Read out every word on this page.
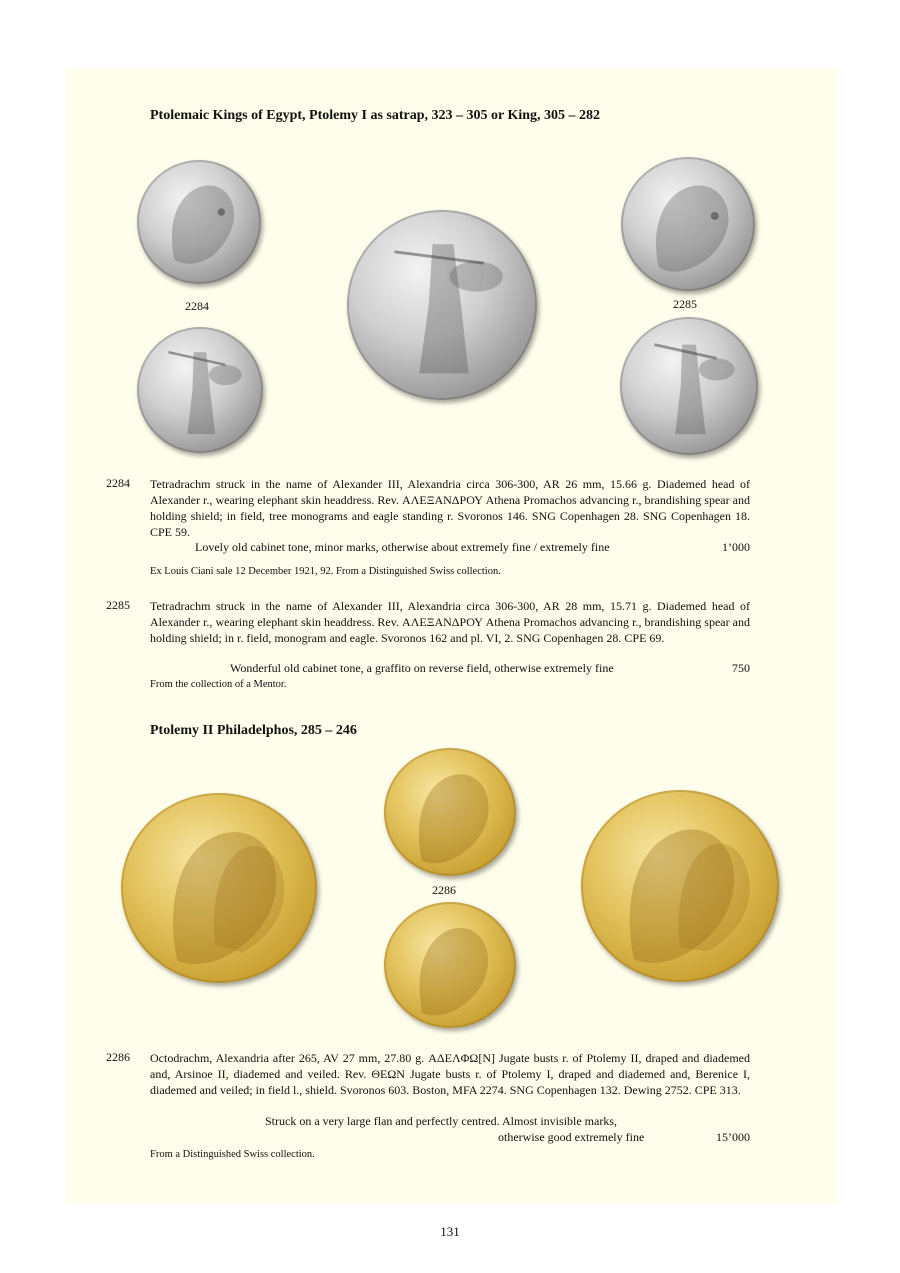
Ptolemaic Kings of Egypt, Ptolemy I as satrap, 323 – 305 or King, 305 – 282
2284	2285
2284 Tetradrachm struck in the name of Alexander III, Alexandria circa 306-300, AR 26 mm, 15.66 g. Diademed head of Alexander r., wearing elephant skin headdress. Rev. ΑΛΕΞΑΝΔΡΟΥ Athena Promachos advancing r., brandishing spear and holding shield; in field, tree monograms and eagle standing r. Svoronos 146. SNG Copenhagen 28. SNG Copenhagen 18. CPE 59.
Lovely old cabinet tone, minor marks, otherwise about extremely fine / extremely fine	1’000
Ex Louis Ciani sale 12 December 1921, 92. From a Distinguished Swiss collection.
2285 Tetradrachm struck in the name of Alexander III, Alexandria circa 306-300, AR 28 mm, 15.71 g. Diademed head of Alexander r., wearing elephant skin headdress. Rev. ΑΛΕΞΑΝΔΡΟΥ Athena Promachos advancing r., brandishing spear and holding shield; in r. field, monogram and eagle. Svoronos 162 and pl. VI, 2. SNG Copenhagen 28. CPE 69.
Wonderful old cabinet tone, a graffito on reverse field, otherwise extremely fine	750
From the collection of a Mentor.
Ptolemy II Philadelphos, 285 – 246
2286
2286 Octodrachm, Alexandria after 265, AV 27 mm, 27.80 g. ΑΔΕΛΦΩ[Ν] Jugate busts r. of Ptolemy II, draped and diademed and, Arsinoe II, diademed and veiled. Rev. ΘΕΩΝ Jugate busts r. of Ptolemy I, draped and diademed and, Berenice I, diademed and veiled; in field l., shield. Svoronos 603. Boston, MFA 2274. SNG Copenhagen 132. Dewing 2752. CPE 313.
Struck on a very large flan and perfectly centred. Almost invisible marks,
otherwise good extremely fine	15’000
From a Distinguished Swiss collection.
131
